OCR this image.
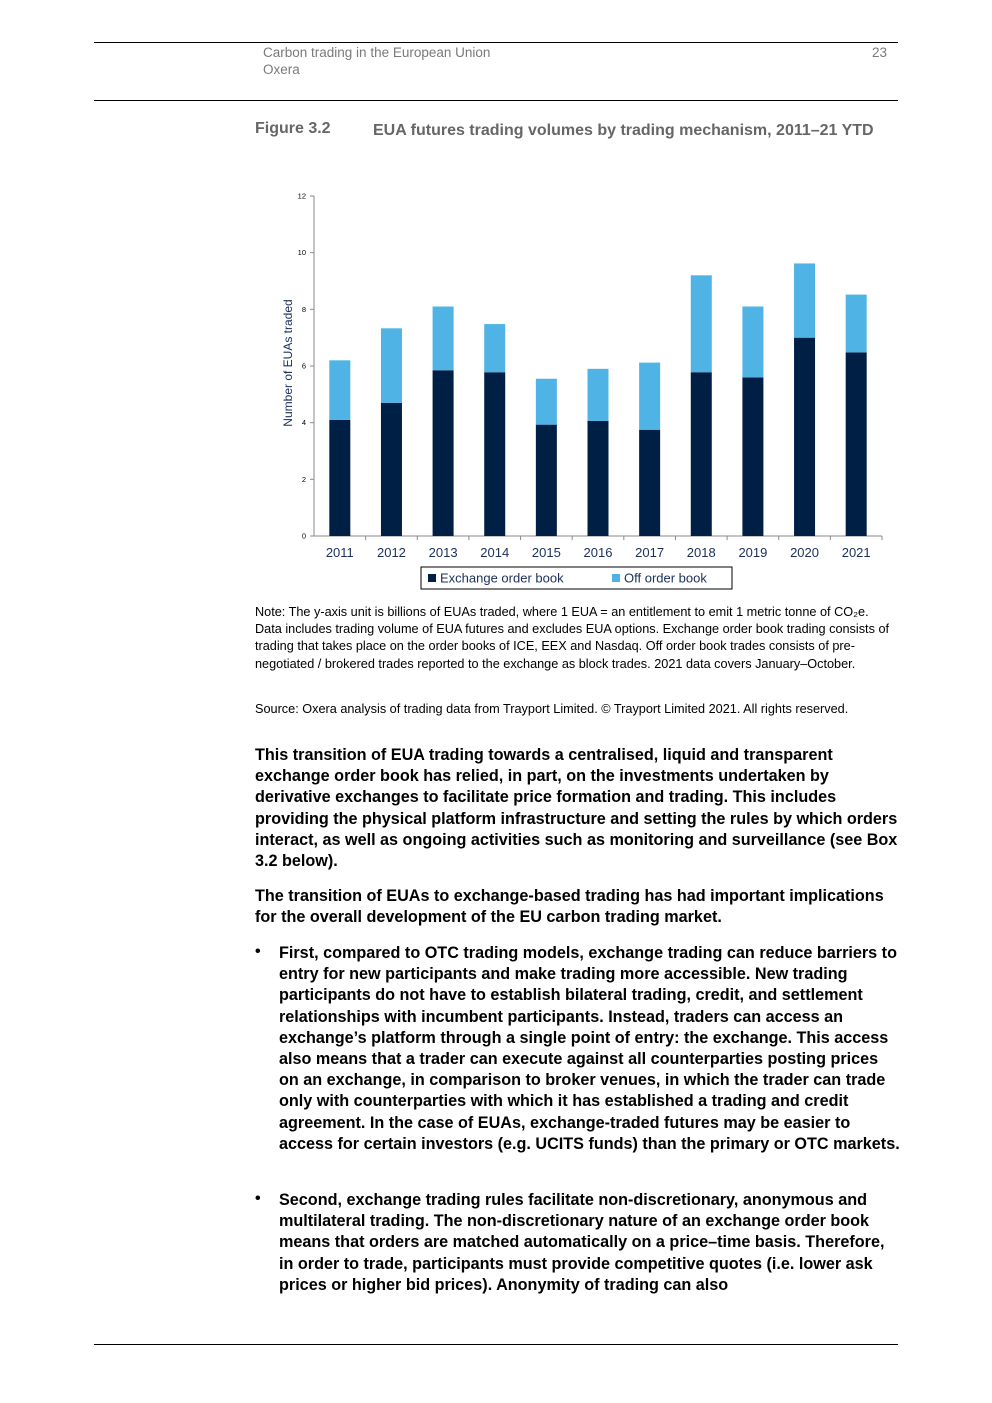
Carbon trading in the European Union
Oxera
23
Figure 3.2	EUA futures trading volumes by trading mechanism, 2011–21 YTD
0
2
4
6
8
10
12
Number of EUAs traded
2011 2012 2013 2014 2015 2016 2017 2018 2019 2020 2021
Exchange order book	Off order book
Note: The y-axis unit is billions of EUAs traded, where 1 EUA = an entitlement to emit 1 metric tonne of CO₂e. Data includes trading volume of EUA futures and excludes EUA options. Exchange order book trading consists of trading that takes place on the order books of ICE, EEX and Nasdaq. Off order book trades consists of pre-negotiated / brokered trades reported to the exchange as block trades. 2021 data covers January–October.
Source: Oxera analysis of trading data from Trayport Limited. © Trayport Limited 2021. All rights reserved.
This transition of EUA trading towards a centralised, liquid and transparent exchange order book has relied, in part, on the investments undertaken by derivative exchanges to facilitate price formation and trading. This includes providing the physical platform infrastructure and setting the rules by which orders interact, as well as ongoing activities such as monitoring and surveillance (see Box 3.2 below).
The transition of EUAs to exchange-based trading has had important implications for the overall development of the EU carbon trading market.
• First, compared to OTC trading models, exchange trading can reduce barriers to entry for new participants and make trading more accessible. New trading participants do not have to establish bilateral trading, credit, and settlement relationships with incumbent participants. Instead, traders can access an exchange’s platform through a single point of entry: the exchange. This access also means that a trader can execute against all counterparties posting prices on an exchange, in comparison to broker venues, in which the trader can trade only with counterparties with which it has established a trading and credit agreement. In the case of EUAs, exchange-traded futures may be easier to access for certain investors (e.g. UCITS funds) than the primary or OTC markets.
• Second, exchange trading rules facilitate non-discretionary, anonymous and multilateral trading. The non-discretionary nature of an exchange order book means that orders are matched automatically on a price–time basis. Therefore, in order to trade, participants must provide competitive quotes (i.e. lower ask prices or higher bid prices). Anonymity of trading can also
